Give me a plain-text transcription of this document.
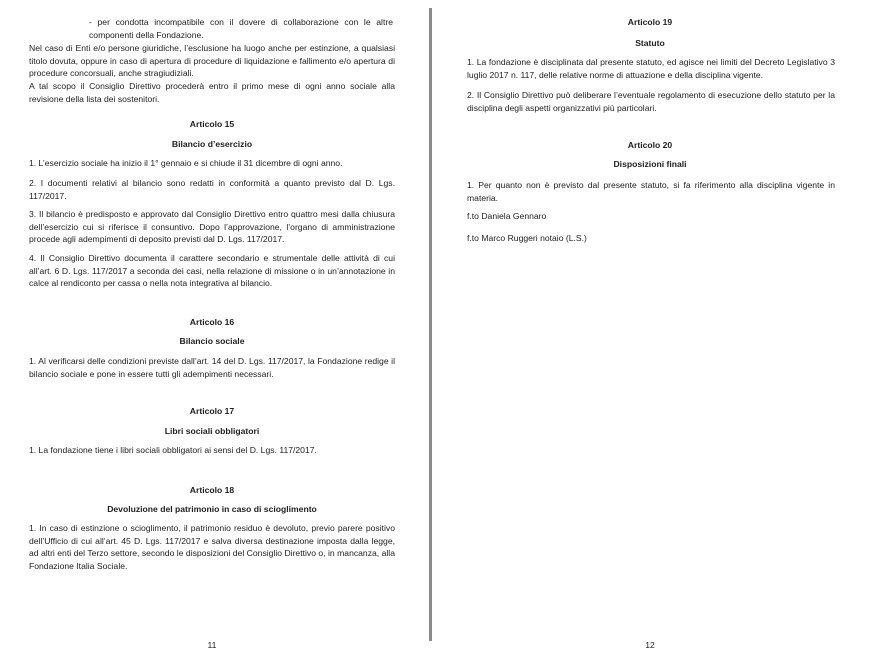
- per condotta incompatibile con il dovere di collaborazione con le altre componenti della Fondazione.

Nel caso di Enti e/o persone giuridiche, l’esclusione ha luogo anche per estinzione, a qualsiasi titolo dovuta, oppure in caso di apertura di procedure di liquidazione e fallimento e/o apertura di procedure concorsuali, anche stragiudiziali.

A tal scopo il Consiglio Direttivo procederà entro il primo mese di ogni anno sociale alla revisione della lista dei sostenitori.

Articolo 15

Bilancio d’esercizio

1. L’esercizio sociale ha inizio il 1° gennaio e si chiude il 31 dicembre di ogni anno.

2. I documenti relativi al bilancio sono redatti in conformità a quanto previsto dal D. Lgs. 117/2017.

3. Il bilancio è predisposto e approvato dal Consiglio Direttivo entro quattro mesi dalla chiusura dell’esercizio cui si riferisce il consuntivo. Dopo l’approvazione, l’organo di amministrazione procede agli adempimenti di deposito previsti dal D. Lgs. 117/2017.

4. Il Consiglio Direttivo documenta il carattere secondario e strumentale delle attività di cui all’art. 6 D. Lgs. 117/2017 a seconda dei casi, nella relazione di missione o in un’annotazione in calce al rendiconto per cassa o nella nota integrativa al bilancio.

Articolo 16

Bilancio sociale

1. Al verificarsi delle condizioni previste dall’art. 14 del D. Lgs. 117/2017, la Fondazione redige il bilancio sociale e pone in essere tutti gli adempimenti necessari.

Articolo 17

Libri sociali obbligatori

1. La fondazione tiene i libri sociali obbligatori ai sensi del D. Lgs. 117/2017.

Articolo 18

Devoluzione del patrimonio in caso di scioglimento

1. In caso di estinzione o scioglimento, il patrimonio residuo è devoluto, previo parere positivo dell’Ufficio di cui all’art. 45 D. Lgs. 117/2017 e salva diversa destinazione imposta dalla legge, ad altri enti del Terzo settore, secondo le disposizioni del Consiglio Direttivo o, in mancanza, alla Fondazione Italia Sociale.

11

Articolo 19

Statuto

1. La fondazione è disciplinata dal presente statuto, ed agisce nei limiti del Decreto Legislativo 3 luglio 2017 n. 117, delle relative norme di attuazione e della disciplina vigente.

2. Il Consiglio Direttivo può deliberare l’eventuale regolamento di esecuzione dello statuto per la disciplina degli aspetti organizzativi più particolari.

Articolo 20

Disposizioni finali

1. Per quanto non è previsto dal presente statuto, si fa riferimento alla disciplina vigente in materia.

f.to Daniela Gennaro

f.to Marco Ruggeri notaio (L.S.)

12
